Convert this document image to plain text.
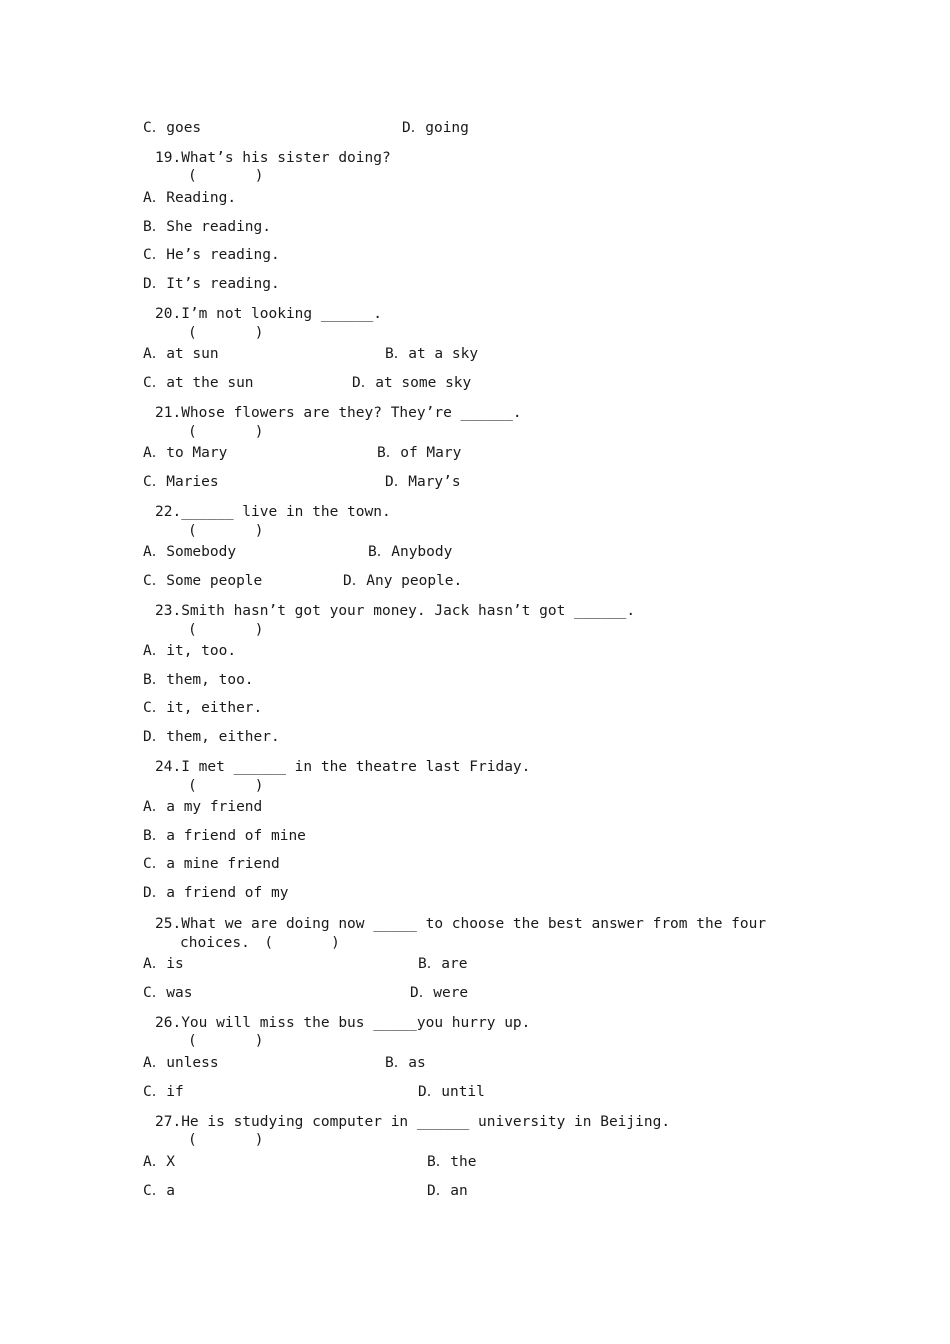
C．goes	D．going
19.What’s his sister doing?
(　　　　)
A．Reading.
B．She reading.
C．He’s reading.
D．It’s reading.
20.I’m not looking ______.
(　　　　)
A．at sun	B．at a sky
C．at the sun	D．at some sky
21.Whose flowers are they? They’re ______.
(　　　　)
A．to Mary	B．of Mary
C．Maries	D．Mary’s
22.______ live in the town.
(　　　　)
A．Somebody	B．Anybody
C．Some people	D．Any people.
23.Smith hasn’t got your money. Jack hasn’t got ______.
(　　　　)
A．it, too.
B．them, too.
C．it, either.
D．them, either.
24.I met ______ in the theatre last Friday.
(　　　　)
A．a my friend
B．a friend of mine
C．a mine friend
D．a friend of my
25.What we are doing now _____ to choose the best answer from the four
choices.　(　　　　)
A．is	B．are
C．was	D．were
26.You will miss the bus _____you hurry up.
(　　　　)
A．unless	B．as
C．if	D．until
27.He is studying computer in ______ university in Beijing.
(　　　　)
A．X	B．the
C．a	D．an
